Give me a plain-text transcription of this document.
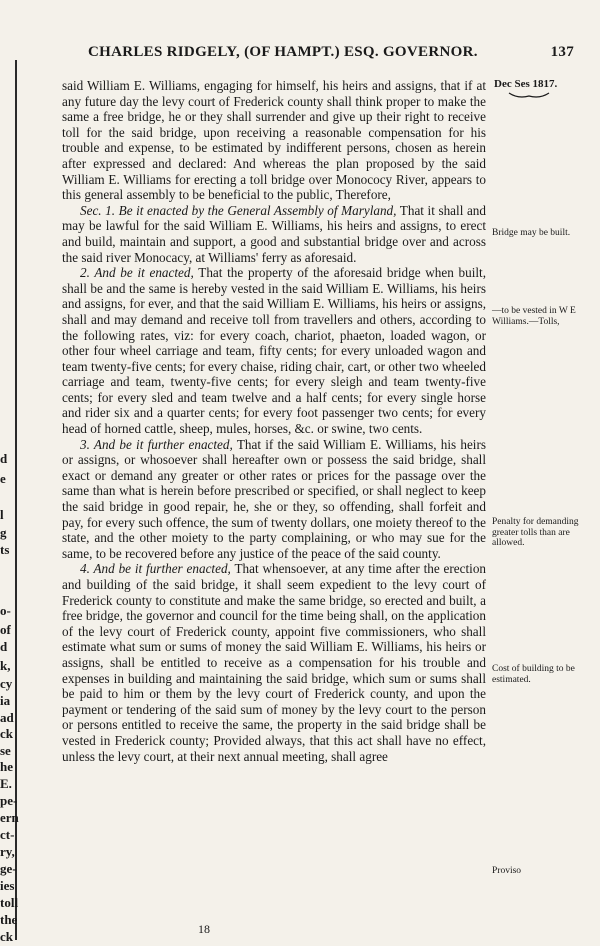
d
e
l
g
ts
o-
of
d
k,
cy
ia
ad
ck
se
he
E.
pe-
ern
ct-
ry,
ge-
ies
toll
the
ck
CHARLES RIDGELY, (OF HAMPT.) ESQ. GOVERNOR.	137
Dec Ses 1817.

said William E. Williams, engaging for himself, his heirs and assigns, that if at any future day the levy court of Frederick county shall think proper to make the same a free bridge, he or they shall surrender and give up their right to receive toll for the said bridge, upon receiving a reasonable compensation for his trouble and expense, to be estimated by indifferent persons, chosen as herein after expressed and declared: And whereas the plan proposed by the said William E. Williams for erecting a toll bridge over Monococy River, appears to this general assembly to be beneficial to the public, Therefore,

Sec. 1. Be it enacted by the General Assembly of Maryland, That it shall and may be lawful for the said William E. Williams, his heirs and assigns, to erect and build, maintain and support, a good and substantial bridge over and across the said river Monocacy, at Williams' ferry as aforesaid.

2. And be it enacted, That the property of the aforesaid bridge when built, shall be and the same is hereby vested in the said William E. Williams, his heirs and assigns, for ever, and that the said William E. Williams, his heirs or assigns, shall and may demand and receive toll from travellers and others, according to the following rates, viz: for every coach, chariot, phaeton, loaded wagon, or other four wheel carriage and team, fifty cents; for every unloaded wagon and team twenty-five cents; for every chaise, riding chair, cart, or other two wheeled carriage and team, twenty-five cents; for every sleigh and team twenty-five cents; for every sled and team twelve and a half cents; for every single horse and rider six and a quarter cents; for every foot passenger two cents; for every head of horned cattle, sheep, mules, horses, &c. or swine, two cents.

3. And be it further enacted, That if the said William E. Williams, his heirs or assigns, or whosoever shall hereafter own or possess the said bridge, shall exact or demand any greater or other rates or prices for the passage over the same than what is herein before prescribed or specified, or shall neglect to keep the said bridge in good repair, he, she or they, so offending, shall forfeit and pay, for every such offence, the sum of twenty dollars, one moiety thereof to the state, and the other moiety to the party complaining, or who may sue for the same, to be recovered before any justice of the peace of the said county.

4. And be it further enacted, That whensoever, at any time after the erection and building of the said bridge, it shall seem expedient to the levy court of Frederick county to constitute and make the same bridge, so erected and built, a free bridge, the governor and council for the time being shall, on the application of the levy court of Frederick county, appoint five commissioners, who shall estimate what sum or sums of money the said William E. Williams, his heirs or assigns, shall be entitled to receive as a compensation for his trouble and expenses in building and maintaining the said bridge, which sum or sums shall be paid to him or them by the levy court of Frederick county, and upon the payment or tendering of the said sum of money by the levy court to the person or persons entitled to receive the same, the property in the said bridge shall be vested in Frederick county; Provided always, that this act shall have no effect, unless the levy court, at their next annual meeting, shall agree

Bridge may be built.
—to be vested in W E Williams.—Tolls,
Penalty for demanding greater tolls than are allowed.
Cost of building to be estimated.
Proviso
18
